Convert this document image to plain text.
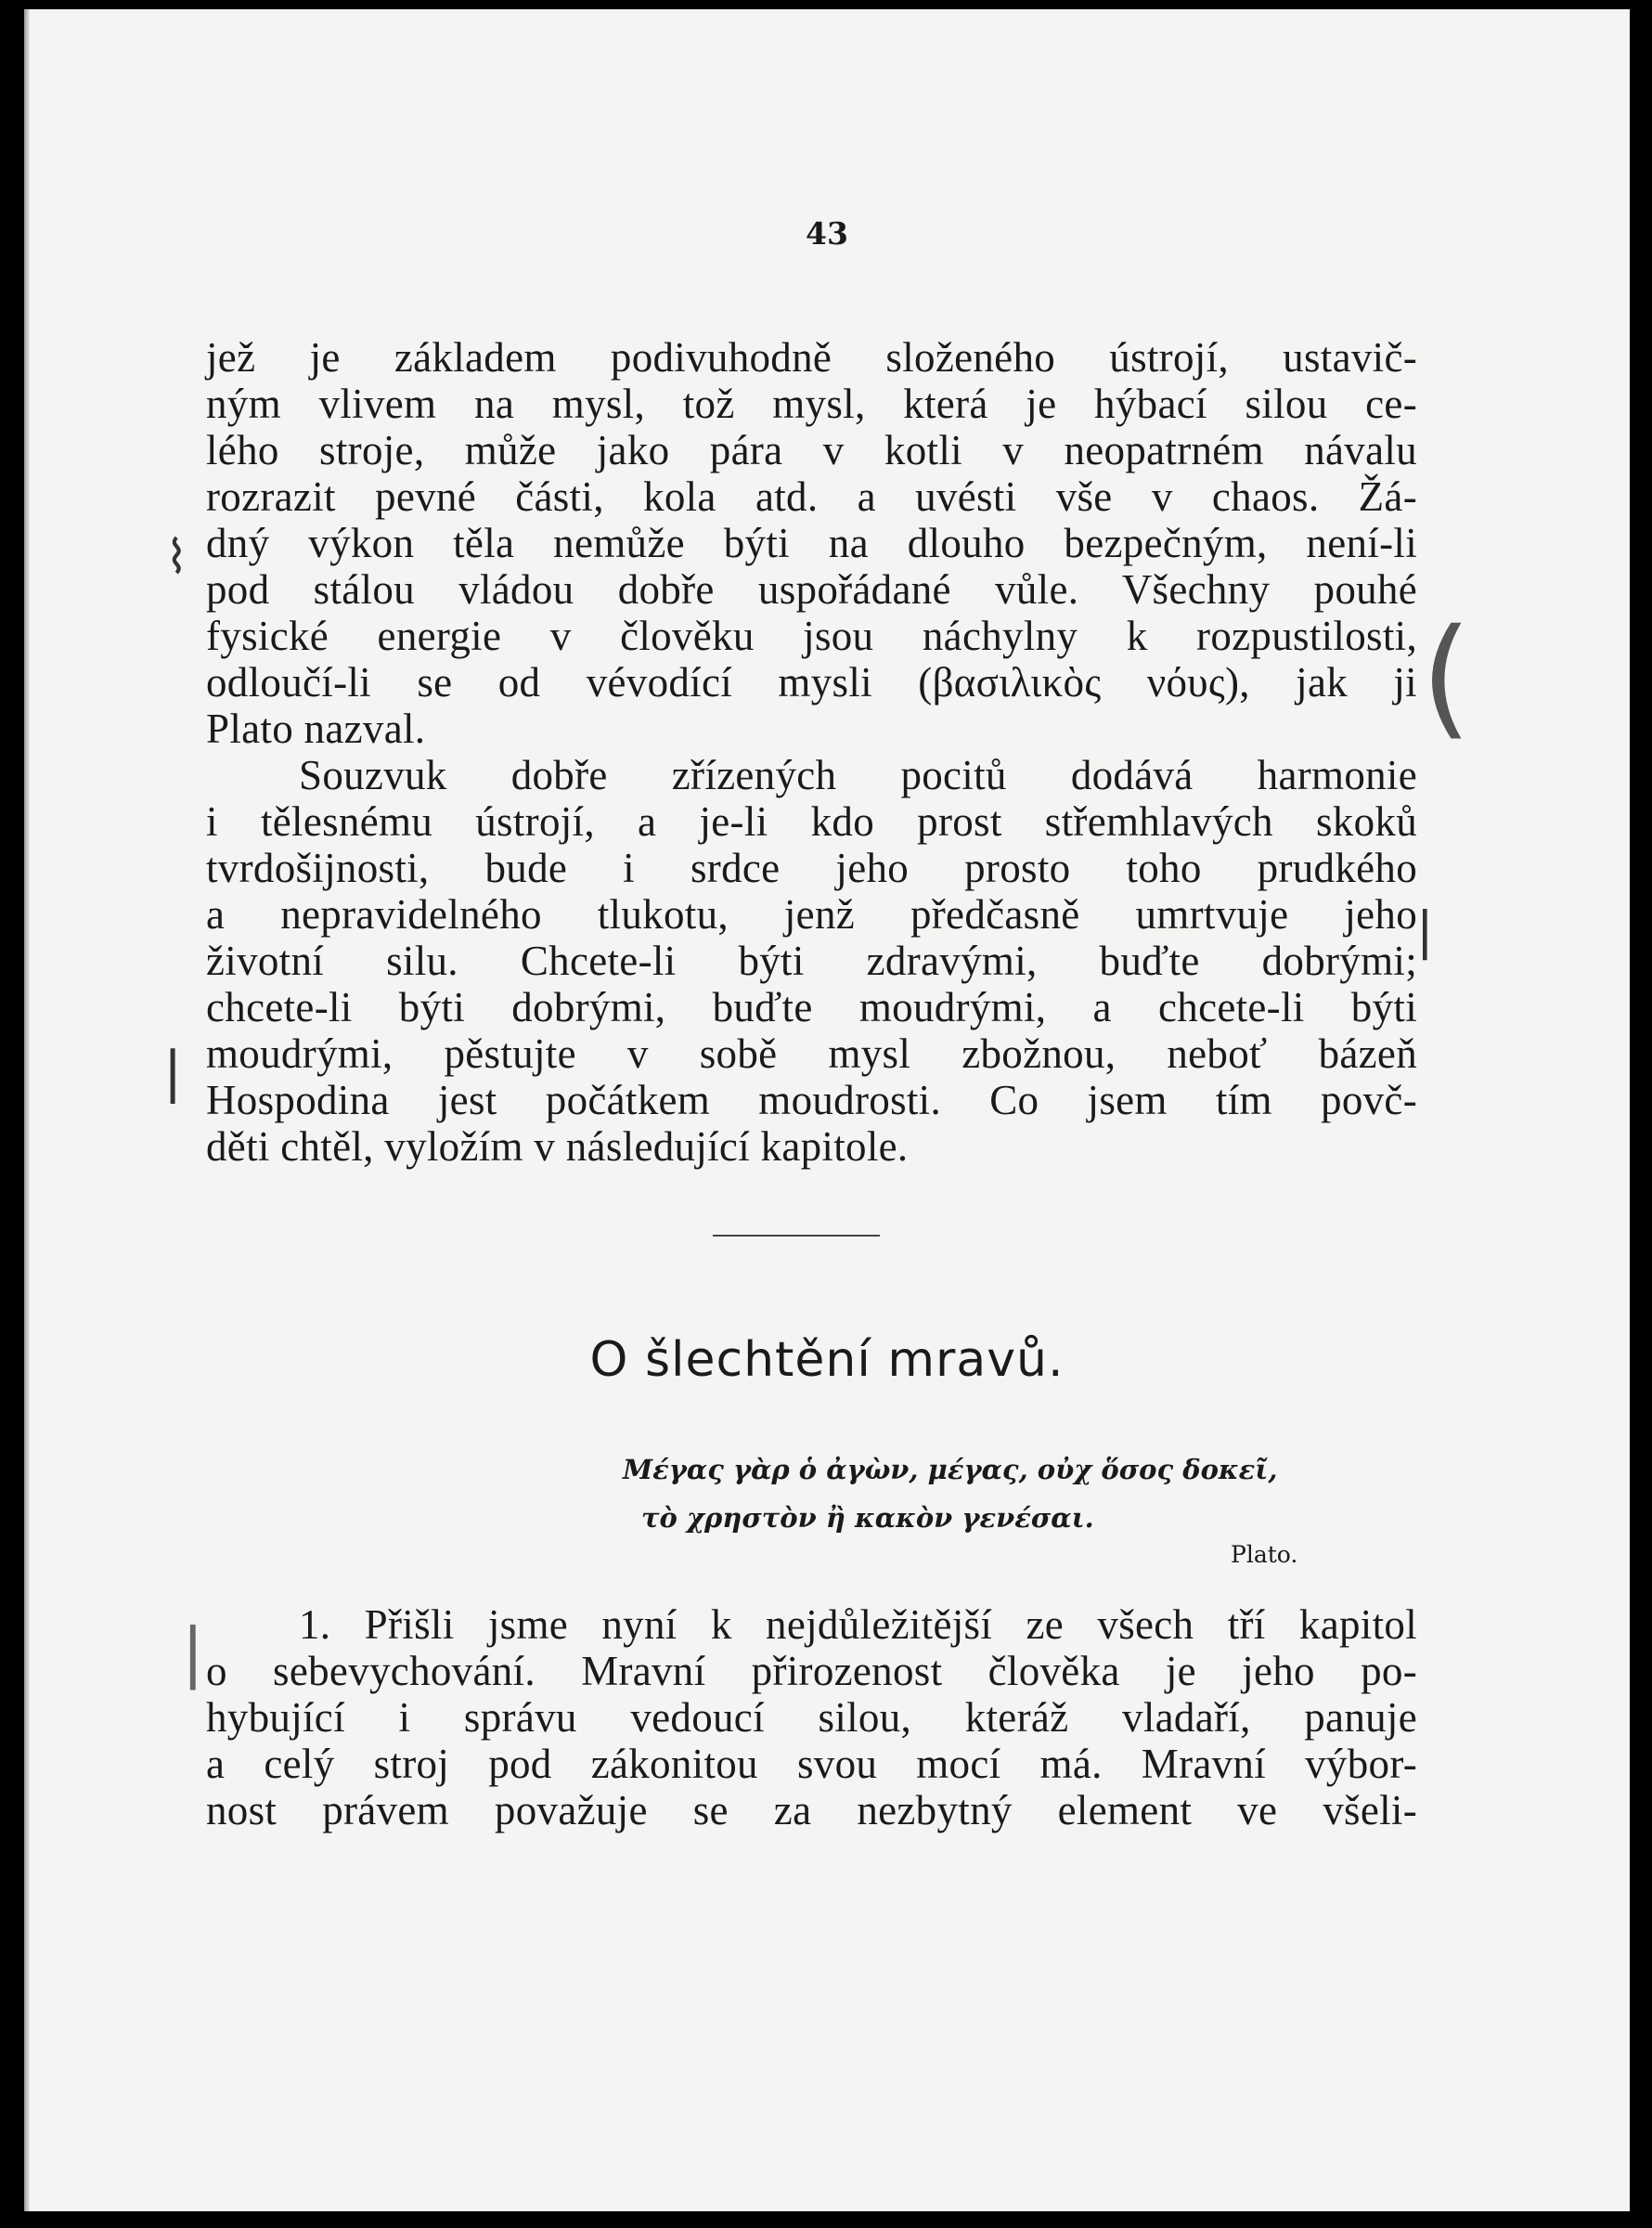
43
jež je základem podivuhodně složeného ústrojí, ustavič-
ným vlivem na mysl, tož mysl, která je hýbací silou ce-
lého stroje, může jako pára v kotli v neopatrném návalu
rozrazit pevné části, kola atd. a uvésti vše v chaos. Žá-
dný výkon těla nemůže býti na dlouho bezpečným, není-li
pod stálou vládou dobře uspořádané vůle. Všechny pouhé
fysické energie v člověku jsou náchylny k rozpustilosti,
odloučí-li se od vévodící mysli (βασιλικὸς νόυς), jak ji
Plato nazval.
Souzvuk dobře zřízených pocitů dodává harmonie
i tělesnému ústrojí, a je-li kdo prost střemhlavých skoků
tvrdošijnosti, bude i srdce jeho prosto toho prudkého
a nepravidelného tlukotu, jenž předčasně umrtvuje jeho
životní silu. Chcete-li býti zdravými, buďte dobrými;
chcete-li býti dobrými, buďte moudrými, a chcete-li býti
moudrými, pěstujte v sobě mysl zbožnou, neboť bázeň
Hospodina jest počátkem moudrosti. Co jsem tím povč-
děti chtěl, vyložím v následující kapitole.
O šlechtění mravů.
Μέγας γὰρ ὁ ἀγὼν, μέγας, οὐχ ὅσος δοκεῖ,
τὸ χρηστὸν ἢ κακὸν γενέσαι.
Plato.
1. Přišli jsme nyní k nejdůležitější ze všech tří kapitol
o sebevychování. Mravní přirozenost člověka je jeho po-
hybující i správu vedoucí silou, kteráž vladaří, panuje
a celý stroj pod zákonitou svou mocí má. Mravní výbor-
nost právem považuje se za nezbytný element ve všeli-
⌇
(
|
|
|
